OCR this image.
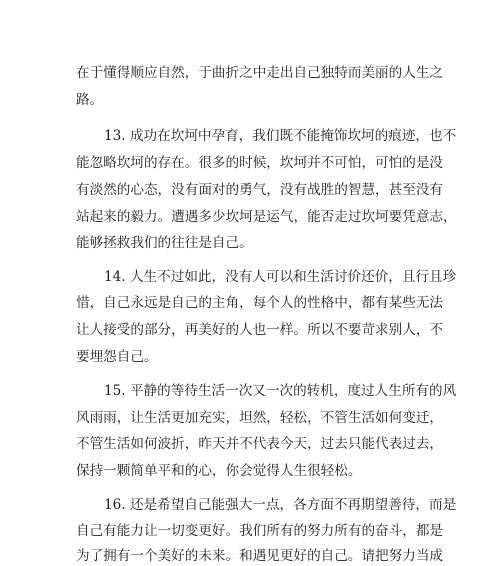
在于懂得顺应自然，于曲折之中走出自己独特而美丽的人生之
路。
13. 成功在坎坷中孕育，我们既不能掩饰坎坷的痕迹，也不
能忽略坎坷的存在。很多的时候，坎坷并不可怕，可怕的是没
有淡然的心态，没有面对的勇气，没有战胜的智慧，甚至没有
站起来的毅力。遭遇多少坎坷是运气，能否走过坎坷要凭意志，
能够拯救我们的往往是自己。
14. 人生不过如此，没有人可以和生活讨价还价，且行且珍
惜，自己永远是自己的主角，每个人的性格中，都有某些无法
让人接受的部分，再美好的人也一样。所以不要苛求别人，不
要埋怨自己。
15. 平静的等待生活一次又一次的转机，度过人生所有的风
风雨雨，让生活更加充实，坦然，轻松，不管生活如何变迁，
不管生活如何波折，昨天并不代表今天，过去只能代表过去，
保持一颗简单平和的心，你会觉得人生很轻松。
16. 还是希望自己能强大一点，各方面不再期望善待，而是
自己有能力让一切变更好。我们所有的努力所有的奋斗，都是
为了拥有一个美好的未来。和遇见更好的自己。请把努力当成
